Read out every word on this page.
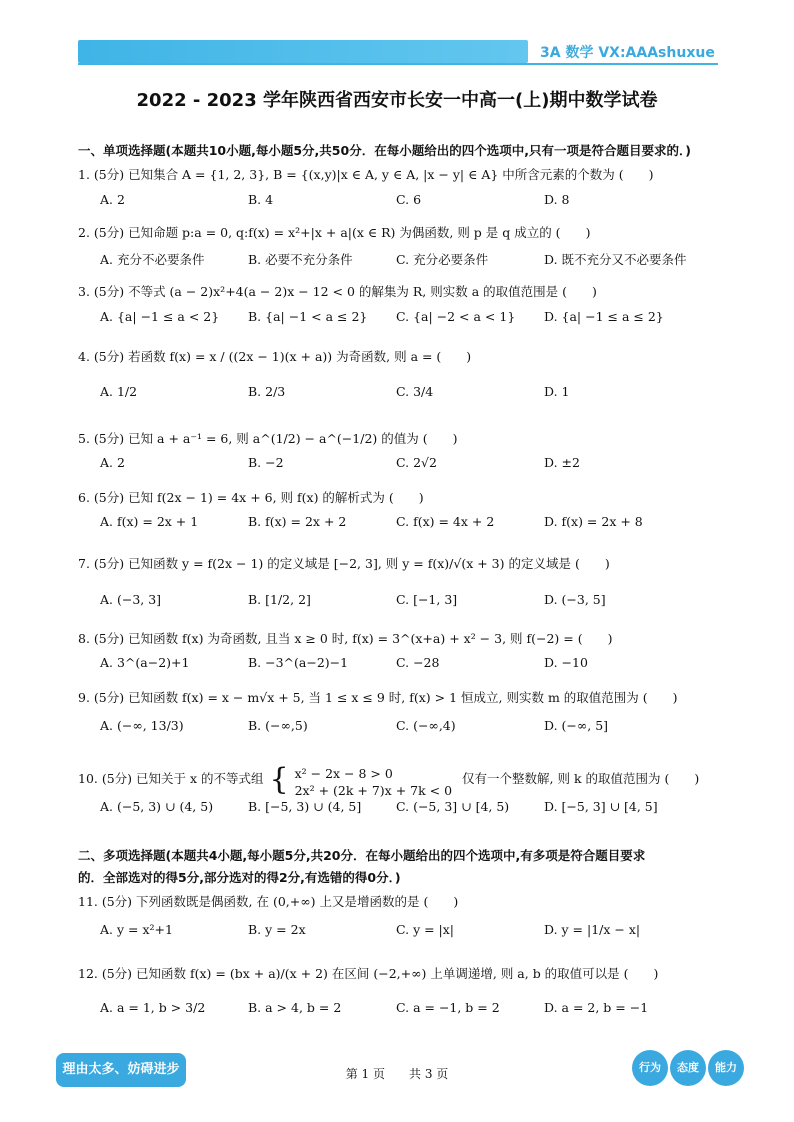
3A 数学 VX:AAAshuxue
2022 - 2023 学年陕西省西安市长安一中高一(上)期中数学试卷
一、单项选择题(本题共10小题,每小题5分,共50分．在每小题给出的四个选项中,只有一项是符合题目要求的．)
1. (5分) 已知集合 A = {1, 2, 3}, B = {(x,y)|x ∈ A, y ∈ A, |x − y| ∈ A} 中所含元素的个数为 (　　)
A. 2	B. 4	C. 6	D. 8
2. (5分) 已知命题 p:a = 0, q:f(x) = x²+|x + a|(x ∈ R) 为偶函数, 则 p 是 q 成立的 (　　)
A. 充分不必要条件	B. 必要不充分条件	C. 充分必要条件	D. 既不充分又不必要条件
3. (5分) 不等式 (a − 2)x²+4(a − 2)x − 12 < 0 的解集为 R, 则实数 a 的取值范围是 (　　)
A. {a| −1 ≤ a < 2} B. {a| −1 < a ≤ 2} C. {a| −2 < a < 1} D. {a| −1 ≤ a ≤ 2}
4. (5分) 若函数 f(x) = x / ((2x − 1)(x + a)) 为奇函数, 则 a = (　　)
A. 1/2	B. 2/3	C. 3/4	D. 1
5. (5分) 已知 a + a⁻¹ = 6, 则 a^(1/2) − a^(−1/2) 的值为 (　　)
A. 2	B. −2	C. 2√2	D. ±2
6. (5分) 已知 f(2x − 1) = 4x + 6, 则 f(x) 的解析式为 (　　)
A. f(x) = 2x + 1	B. f(x) = 2x + 2	C. f(x) = 4x + 2	D. f(x) = 2x + 8
7. (5分) 已知函数 y = f(2x − 1) 的定义域是 [−2, 3], 则 y = f(x)/√(x + 3) 的定义域是 (　　)
A. (−3, 3]	B. [1/2, 2]	C. [−1, 3]	D. (−3, 5]
8. (5分) 已知函数 f(x) 为奇函数, 且当 x ≥ 0 时, f(x) = 3^(x+a) + x² − 3, 则 f(−2) = (　　)
A. 3^(a−2)+1	B. −3^(a−2)−1	C. −28	D. −10
9. (5分) 已知函数 f(x) = x − m√x + 5, 当 1 ≤ x ≤ 9 时, f(x) > 1 恒成立, 则实数 m 的取值范围为 (　　)
A. (−∞, 13/3)	B. (−∞,5)	C. (−∞,4)	D. (−∞, 5]
10. (5分) 已知关于 x 的不等式组 { x² − 2x − 8 > 0
2x² + (2k + 7)x + 7k < 0
仅有一个整数解, 则 k 的取值范围为 (　　)
A. (−5, 3) ∪ (4, 5)	B. [−5, 3) ∪ (4, 5]	C. (−5, 3] ∪ [4, 5)	D. [−5, 3] ∪ [4, 5]
二、多项选择题(本题共4小题,每小题5分,共20分．在每小题给出的四个选项中,有多项是符合题目要求
的．全部选对的得5分,部分选对的得2分,有选错的得0分．)
11. (5分) 下列函数既是偶函数, 在 (0,+∞) 上又是增函数的是 (　　)
A. y = x²+1	B. y = 2x	C. y = |x|	D. y = |1/x − x|
12. (5分) 已知函数 f(x) = (bx + a)/(x + 2) 在区间 (−2,+∞) 上单调递增, 则 a, b 的取值可以是 (　　)
A. a = 1, b > 3/2	B. a > 4, b = 2	C. a = −1, b = 2	D. a = 2, b = −1
理由太多、妨碍进步	第 1 页　　共 3 页	行为	态度	能力
